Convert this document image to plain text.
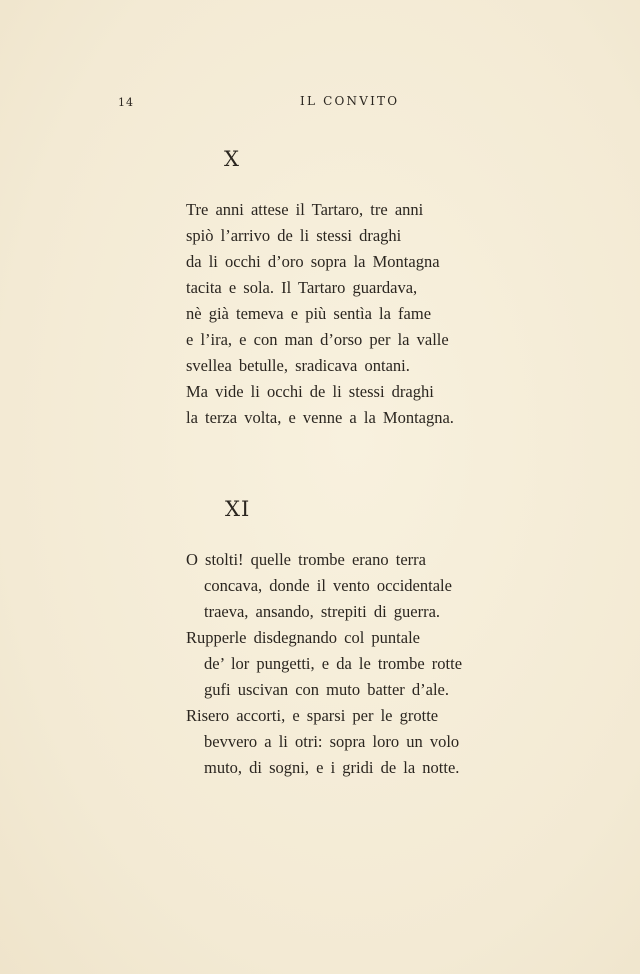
14	IL CONVITO
X
Tre anni attese il Tartaro, tre anni
spiò l’arrivo de li stessi draghi
da li occhi d’oro sopra la Montagna
tacita e sola. Il Tartaro guardava,
nè già temeva e più sentìa la fame
e l’ira, e con man d’orso per la valle
svellea betulle, sradicava ontani.
Ma vide li occhi de li stessi draghi
la terza volta, e venne a la Montagna.
XI
O stolti! quelle trombe erano terra
concava, donde il vento occidentale
traeva, ansando, strepiti di guerra.
Rupperle disdegnando col puntale
de’ lor pungetti, e da le trombe rotte
gufi uscivan con muto batter d’ale.
Risero accorti, e sparsi per le grotte
bevvero a li otri: sopra loro un volo
muto, di sogni, e i gridi de la notte.
